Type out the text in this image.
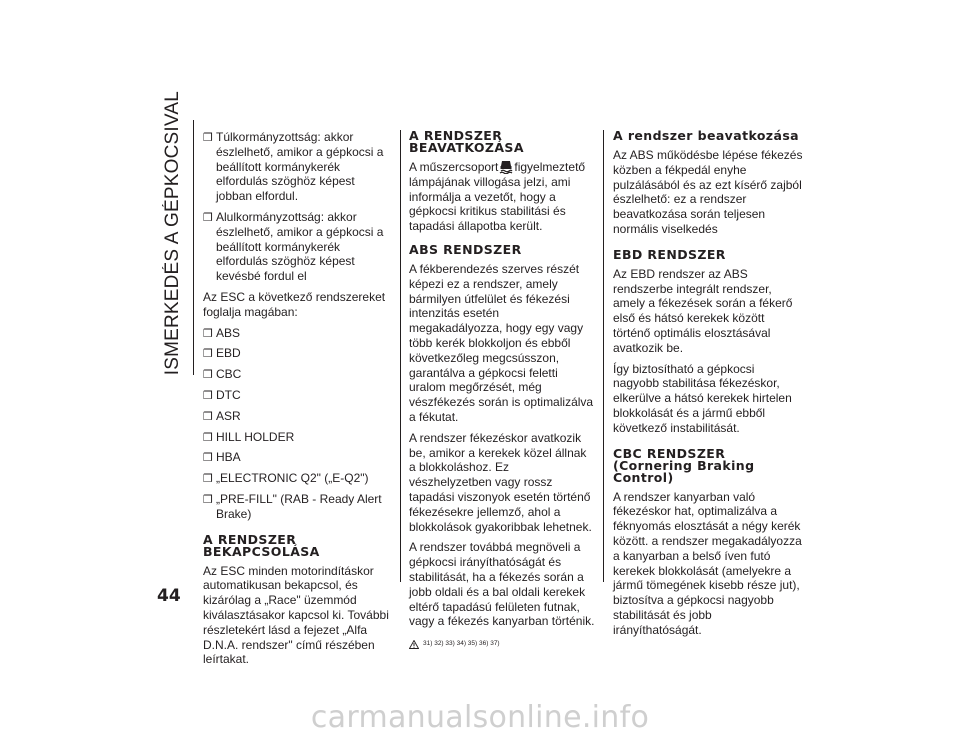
ISMERKEDÉS A GÉPKOCSIVAL
44
❒ Túlkormányzottság: akkor észlelhető, amikor a gépkocsi a beállított kormánykerék elfordulás szöghöz képest jobban elfordul.
❒ Alulkormányzottság: akkor észlelhető, amikor a gépkocsi a beállított kormánykerék elfordulás szöghöz képest kevésbé fordul el

Az ESC a következő rendszereket foglalja magában:

❒ ABS
❒ EBD
❒ CBC
❒ DTC
❒ ASR
❒ HILL HOLDER
❒ HBA
❒ „ELECTRONIC Q2" („E-Q2")
❒ „PRE-FILL" (RAB - Ready Alert Brake)
A RENDSZER BEKAPCSOLÁSA

Az ESC minden motorindításkor automatikusan bekapcsol, és kizárólag a „Race" üzemmód kiválasztásakor kapcsol ki. További részletekért lásd a fejezet „Alfa D.N.A. rendszer" című részében leírtakat.

A RENDSZER BEAVATKOZÁSA

A műszercsoport figyelmeztető lámpájának villogása jelzi, ami informálja a vezetőt, hogy a gépkocsi kritikus stabilitási és tapadási állapotba került.

ABS RENDSZER

A fékberendezés szerves részét képezi ez a rendszer, amely bármilyen útfelület és fékezési intenzitás esetén megakadályozza, hogy egy vagy több kerék blokkoljon és ebből következőleg megcsússzon, garantálva a gépkocsi feletti uralom megőrzését, még vészfékezés során is optimalizálva a fékutat.

A rendszer fékezéskor avatkozik be, amikor a kerekek közel állnak a blokkoláshoz. Ez vészhelyzetben vagy rossz tapadási viszonyok esetén történő fékezésekre jellemző, ahol a blokkolások gyakoribbak lehetnek.

A rendszer továbbá megnöveli a gépkocsi irányíthatóságát és stabilitását, ha a fékezés során a jobb oldali és a bal oldali kerekek eltérő tapadású felületen futnak, vagy a fékezés kanyarban történik.

31) 32) 33) 34) 35) 36) 37)
A rendszer beavatkozása

Az ABS működésbe lépése fékezés közben a fékpedál enyhe pulzálásából és az ezt kísérő zajból észlelhető: ez a rendszer beavatkozása során teljesen normális viselkedés

EBD RENDSZER

Az EBD rendszer az ABS rendszerbe integrált rendszer, amely a fékezések során a fékerő első és hátsó kerekek között történő optimális elosztásával avatkozik be.

Így biztosítható a gépkocsi nagyobb stabilitása fékezéskor, elkerülve a hátsó kerekek hirtelen blokkolását és a jármű ebből következő instabilitását.

CBC RENDSZER (Cornering Braking Control)

A rendszer kanyarban való fékezéskor hat, optimalizálva a féknyomás elosztását a négy kerék között. a rendszer megakadályozza a kanyarban a belső íven futó kerekek blokkolását (amelyekre a jármű tömegének kisebb része jut), biztosítva a gépkocsi nagyobb stabilitását és jobb irányíthatóságát.

carmanualsonline.info
